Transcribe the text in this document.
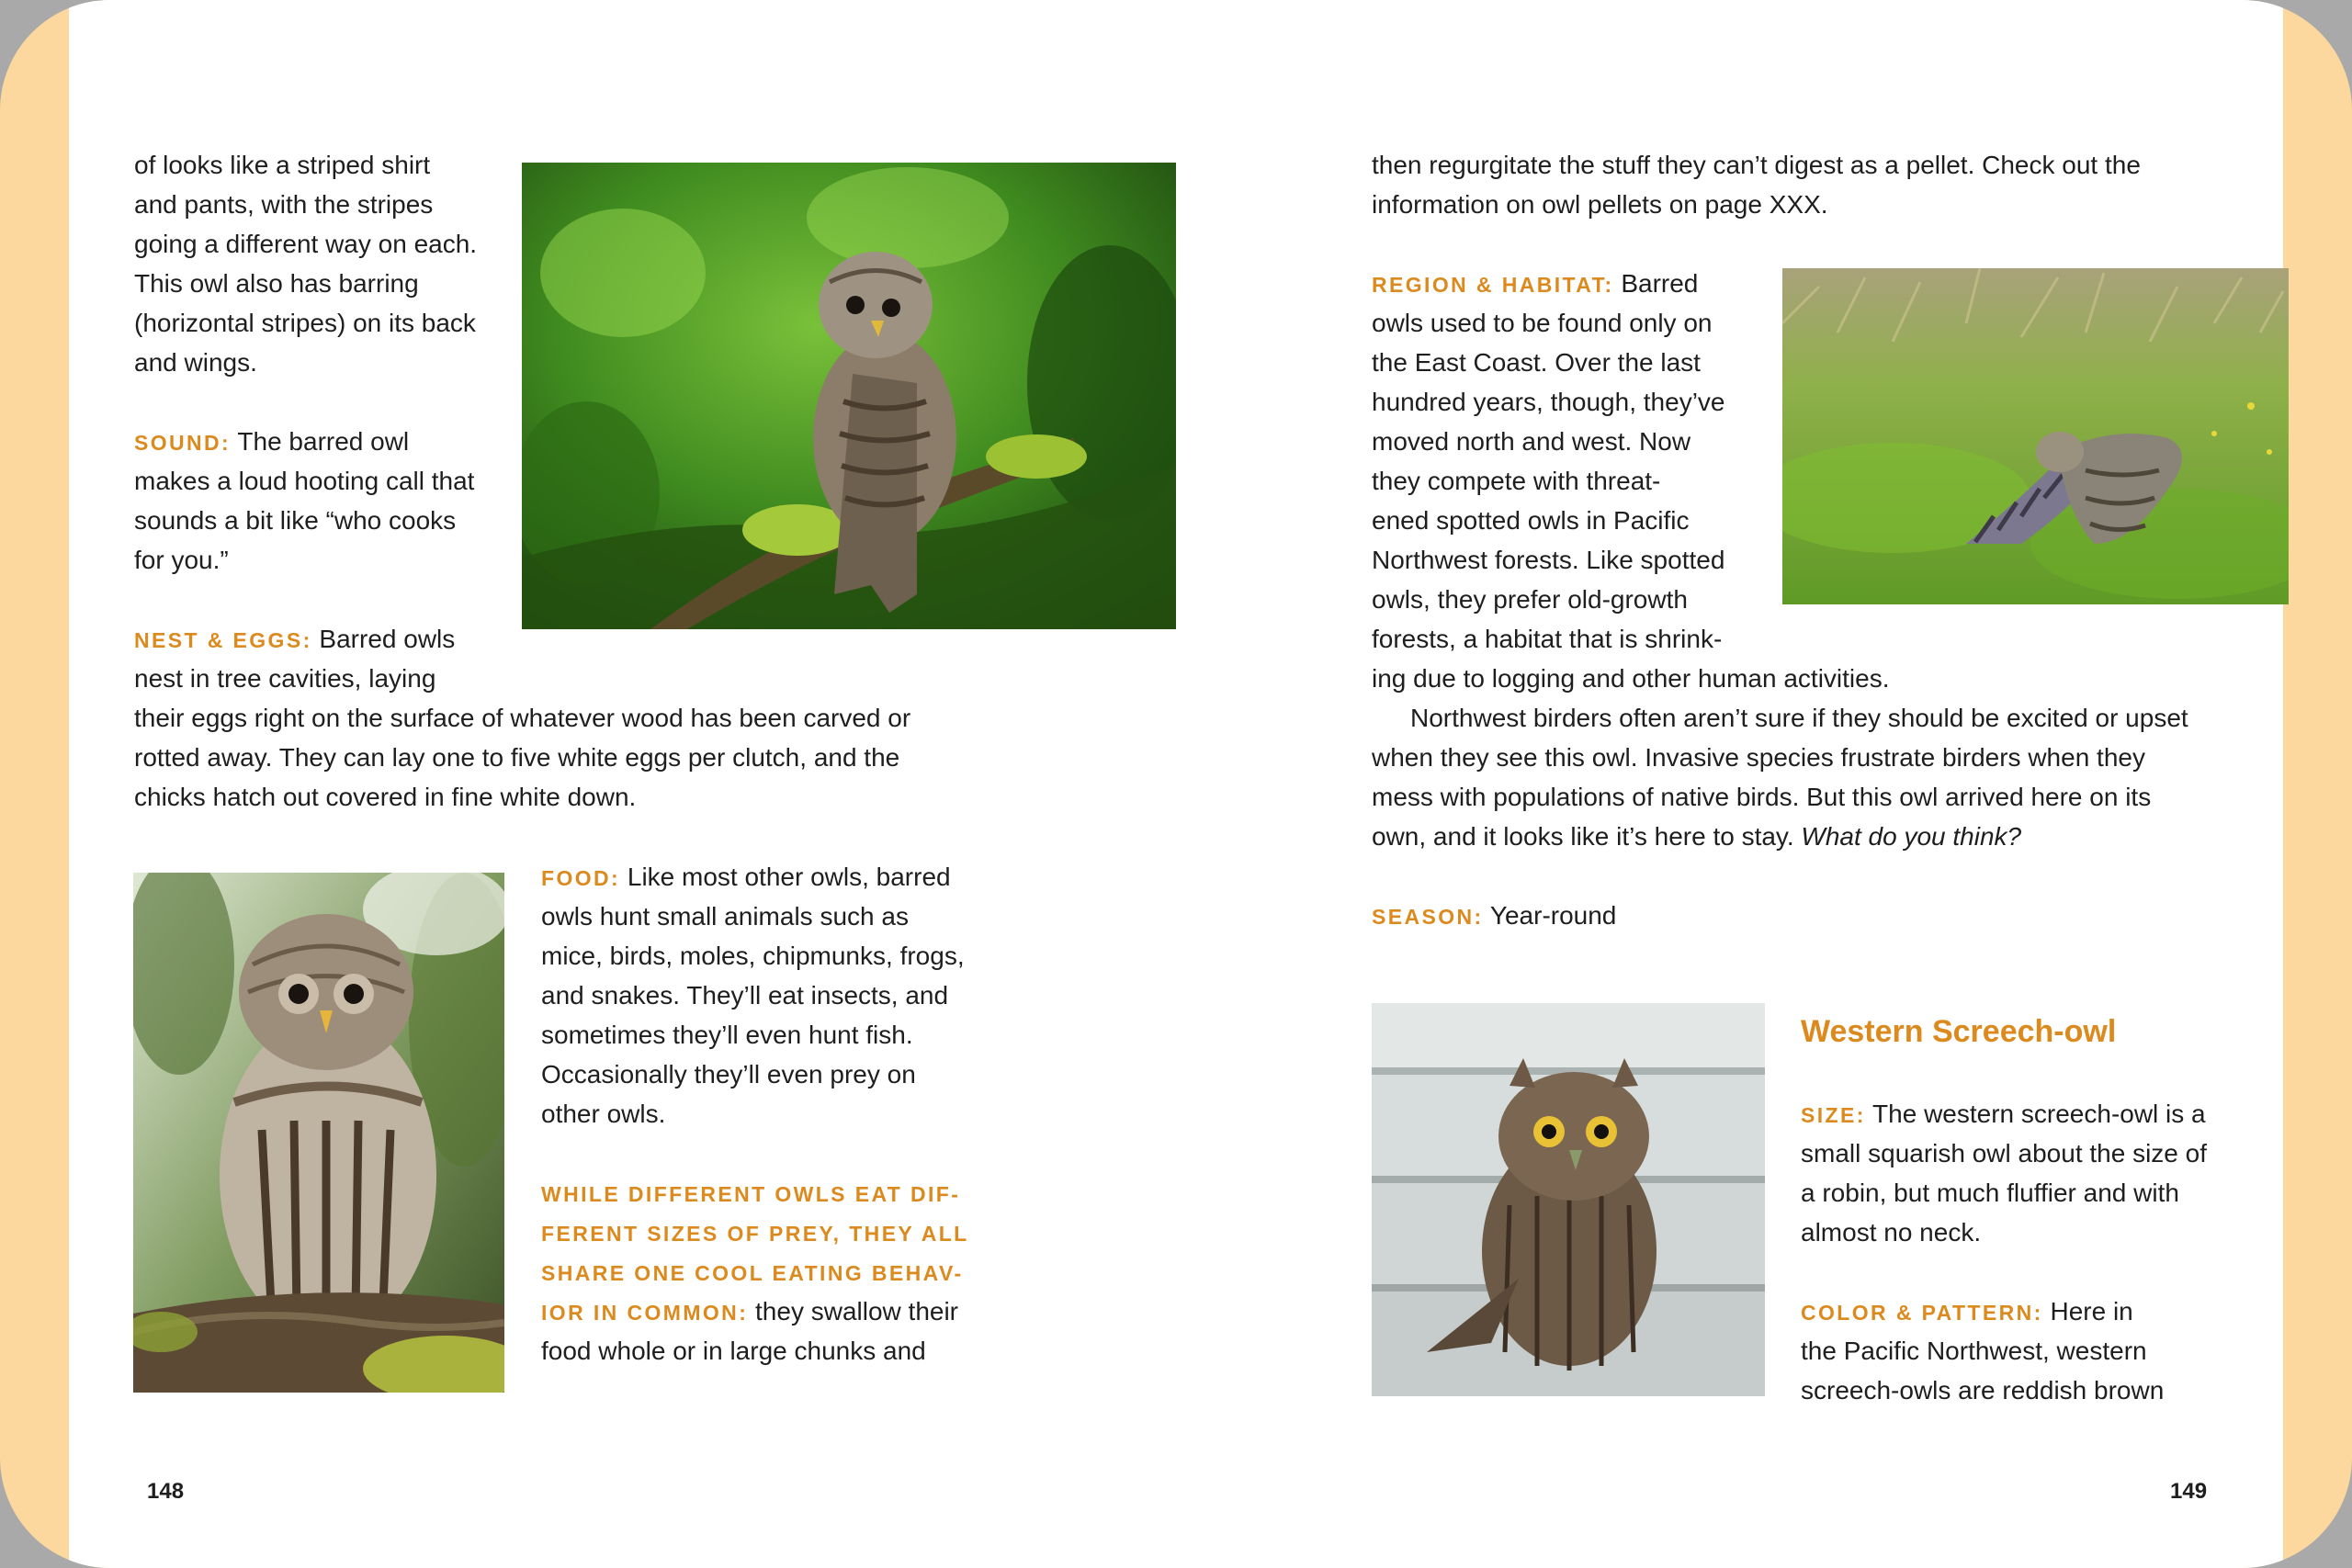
of looks like a striped shirt

and pants, with the stripes

going a different way on each.

This owl also has barring

(horizontal stripes) on its back

and wings.

SOUND: The barred owl

makes a loud hooting call that

sounds a bit like “who cooks

for you.”

NEST & EGGS: Barred owls

nest in tree cavities, laying

their eggs right on the surface of whatever wood has been carved or

rotted away. They can lay one to five white eggs per clutch, and the

chicks hatch out covered in fine white down.

FOOD: Like most other owls, barred

owls hunt small animals such as

mice, birds, moles, chipmunks, frogs,

and snakes. They’ll eat insects, and

sometimes they’ll even hunt fish.

Occasionally they’ll even prey on

other owls.

WHILE DIFFERENT OWLS EAT DIF-

FERENT SIZES OF PREY, THEY ALL

SHARE ONE COOL EATING BEHAV-

IOR IN COMMON: they swallow their

food whole or in large chunks and

148

then regurgitate the stuff they can’t digest as a pellet. Check out the

information on owl pellets on page XXX.

REGION & HABITAT: Barred

owls used to be found only on

the East Coast. Over the last

hundred years, though, they’ve

moved north and west. Now

they compete with threat-

ened spotted owls in Pacific

Northwest forests. Like spotted

owls, they prefer old-growth

forests, a habitat that is shrink-

ing due to logging and other human activities.

Northwest birders often aren’t sure if they should be excited or upset

when they see this owl. Invasive species frustrate birders when they

mess with populations of native birds. But this owl arrived here on its

own, and it looks like it’s here to stay. What do you think?

SEASON: Year-round

Western Screech-owl

SIZE: The western screech-owl is a

small squarish owl about the size of

a robin, but much fluffier and with

almost no neck.

COLOR & PATTERN: Here in

the Pacific Northwest, western

screech-owls are reddish brown

149
